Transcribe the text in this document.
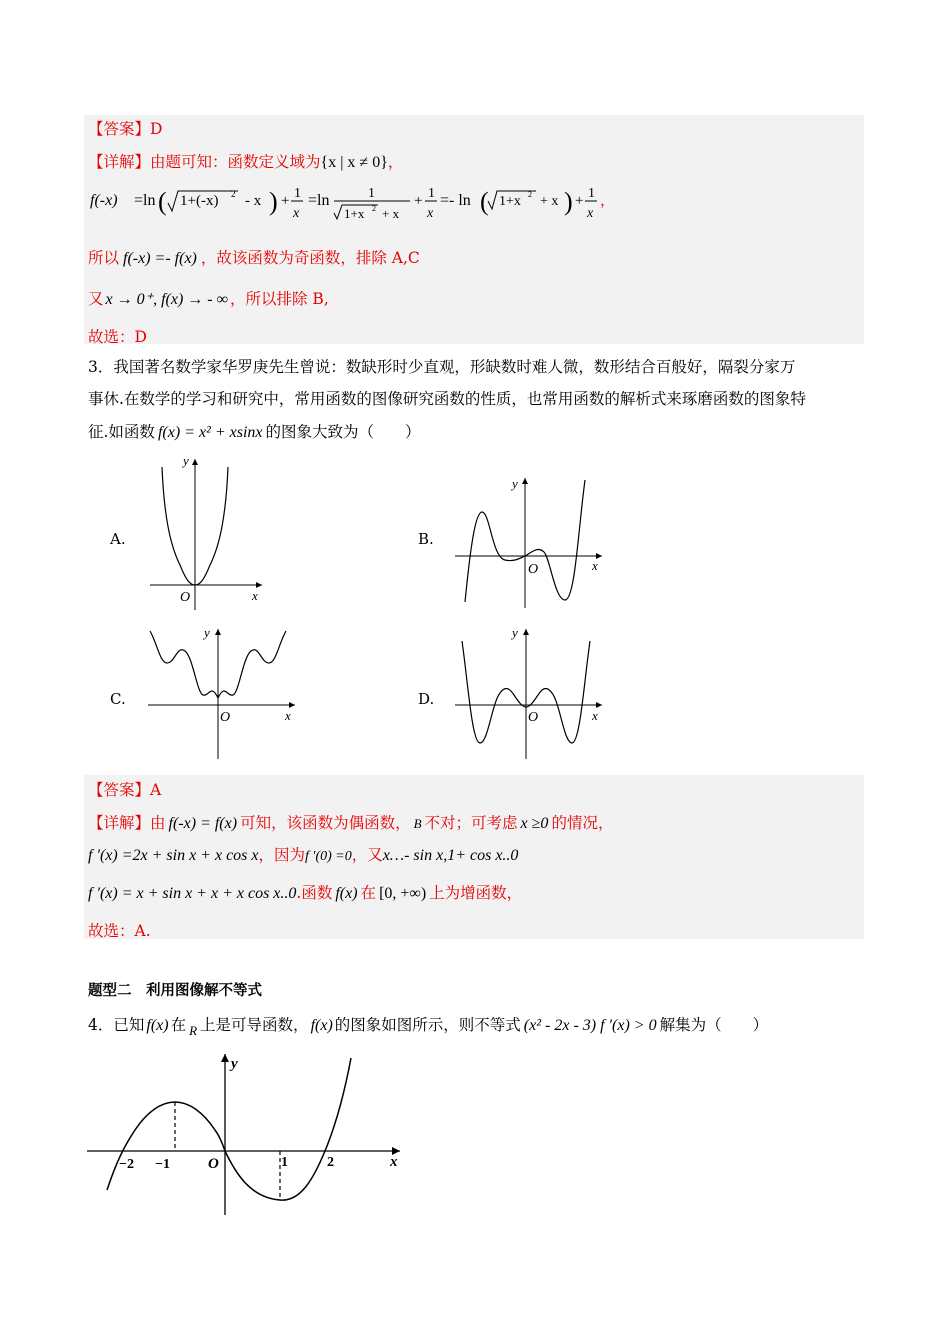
【答案】D
【详解】由题可知：函数定义域为{x | x ≠ 0}，
f(-x) =ln ( 1+(-x) 2 - x ) + 1
x
=ln	1
1+x 2 + x
+ 1
x
=- ln ( 1+x 2 + x ) + 1
x
，
所以 f(-x) =- f(x) ，故该函数为奇函数，排除 A,C
又 x → 0⁺, f(x) → - ∞ ，所以排除 B,
故选：D
3．我国著名数学家华罗庚先生曾说：数缺形时少直观，形缺数时难人微，数形结合百般好，隔裂分家万
事休.在数学的学习和研究中，常用函数的图像研究函数的性质，也常用函数的解析式来琢磨函数的图象特
征.如函数 f(x) = x² + xsinx 的图象大致为（　　）
A.	B.
C.	D.
y
O	x
y
O	x
y
O	x
y
O	x
【答案】A
【详解】由 f(-x) = f(x) 可知，该函数为偶函数， B 不对；可考虑 x ≥0 的情况，
f ′(x) =2x + sin x + x cos x，因为f ′(0) =0，又x…- sin x,1+ cos x..0
f ′(x) = x + sin x + x + x cos x..0.函数 f(x) 在 [0, +∞) 上为增函数，
故选：A.
题型二　利用图像解不等式
4．已知 f(x) 在 $_R$ 上是可导函数， f(x) 的图象如图所示，则不等式 (x² - 2x - 3) f ′(x) > 0 解集为（　　）
y
x
−2 −1	O	1	2
